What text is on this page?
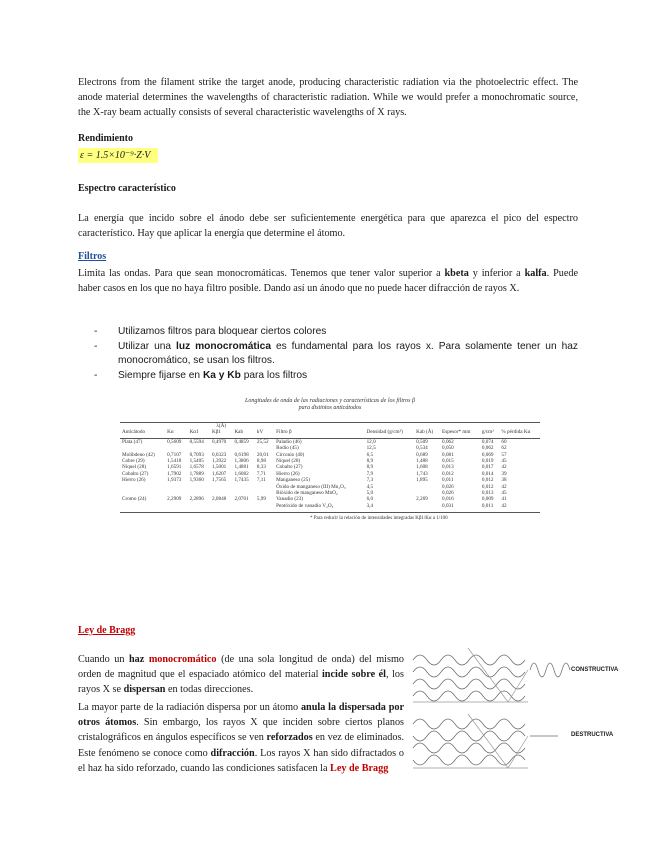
Electrons from the filament strike the target anode, producing characteristic radiation via the photoelectric effect. The anode material determines the wavelengths of characteristic radiation. While we would prefer a monochromatic source, the X-ray beam actually consists of several characteristic wavelengths of X rays.

Rendimiento

ε = 1.5×10⁻⁹·Z·V

Espectro característico

La energía que incido sobre el ánodo debe ser suficientemente energética para que aparezca el pico del espectro característico. Hay que aplicar la energía que determine el átomo.

Filtros

Limita las ondas. Para que sean monocromáticas. Tenemos que tener valor superior a kbeta y inferior a kalfa. Puede haber casos en los que no haya filtro posible. Dando así un ánodo que no puede hacer difracción de rayos X.

- Utilizamos filtros para bloquear ciertos colores
- Utilizar una luz monocromática es fundamental para los rayos x. Para solamente tener un haz monocromático, se usan los filtros.
- Siempre fijarse en Ka y Kb para los filtros
Longitudes de onda de las radiaciones y características de los filtros β
para distintos anticátodos
		λ(Å)									
Anticátodo	Kα	Kα1	Kβ1	Kab	kV	Filtro β	Densidad (g/cm³)	Kab (Å)	Espesor* mm	g/cm²	% pérdida Kα
Plata (47)	0,5609	0,5594	0,4970	0,4859	25,52	Paladio (46)	12,0	0,509	0,062	0,074	60
						Rodio (45)	12,5	0,534	0,050	0,062	62
Molibdeno (42)	0,7107	0,7093	0,6323	0,6198	20,01	Circonio (40)	6,5	0,689	0,081	0,069	57
Cobre (29)	1,5418	1,5405	1,3922	1,3806	8,98	Níquel (28)	8,9	1,488	0,015	0,019	45
Níquel (28)	1,6591	1,6578	1,5001	1,4881	8,33	Cobalto (27)	8,9	1,608	0,013	0,017	42
Cobalto (27)	1,7902	1,7889	1,6207	1,6082	7,71	Hierro (26)	7,9	1,743	0,012	0,014	39
Hierro (26)	1,9373	1,9360	1,7565	1,7435	7,11	Manganeso (25)	7,3	1,895	0,011	0,012	38
						Óxido de manganeso (III) Mn₂O₃	4,5		0,026	0,012	42
						Bióxido de manganeso MnO₂	5,0		0,026	0,013	45
Cromo (24)	2,2909	2,2896	2,0848	2,0701	5,99	Vanadio (23)	6,0	2,269	0,016	0,009	41
						Pentóxido de vanadio V₂O₅	3,4		0,031	0,011	42
* Para reducir la relación de intensidades integradas Kβ1/Kα a 1/100

Ley de Bragg

Cuando un haz monocromático (de una sola longitud de onda) del mismo orden de magnitud que el espaciado atómico del material incide sobre él, los rayos X se dispersan en todas direcciones.

La mayor parte de la radiación dispersa por un átomo anula la dispersada por otros átomos. Sin embargo, los rayos X que inciden sobre ciertos planos cristalográficos en ángulos específicos se ven reforzados en vez de eliminados. Este fenómeno se conoce como difracción. Los rayos X han sido difractados o el haz ha sido reforzado, cuando las condiciones satisfacen la Ley de Bragg

CONSTRUCTIVA
DESTRUCTIVA
